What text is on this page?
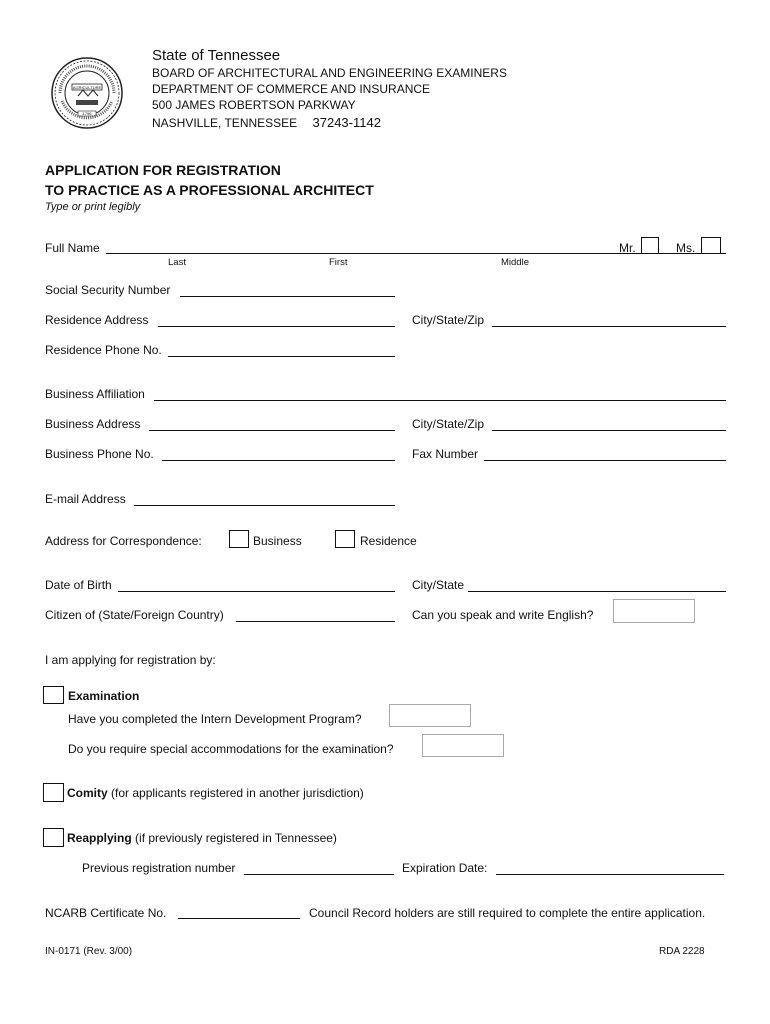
AGRICULTURE
1796
State of Tennessee
BOARD OF ARCHITECTURAL AND ENGINEERING EXAMINERS
DEPARTMENT OF COMMERCE AND INSURANCE
500 JAMES ROBERTSON PARKWAY
NASHVILLE, TENNESSEE 37243-1142
APPLICATION FOR REGISTRATION
TO PRACTICE AS A PROFESSIONAL ARCHITECT
Type or print legibly
Full Name	Mr.	Ms.
Last	First	Middle
Social Security Number
Residence Address	City/State/Zip
Residence Phone No.
Business Affiliation
Business Address	City/State/Zip
Business Phone No.	Fax Number
E-mail Address
Address for Correspondence:	Business	Residence
Date of Birth	City/State
Citizen of (State/Foreign Country)	Can you speak and write English?
I am applying for registration by:
Examination
Have you completed the Intern Development Program?
Do you require special accommodations for the examination?
Comity (for applicants registered in another jurisdiction)
Reapplying (if previously registered in Tennessee)
Previous registration number	Expiration Date:
NCARB Certificate No.	Council Record holders are still required to complete the entire application.
IN-0171 (Rev. 3/00)	RDA 2228
